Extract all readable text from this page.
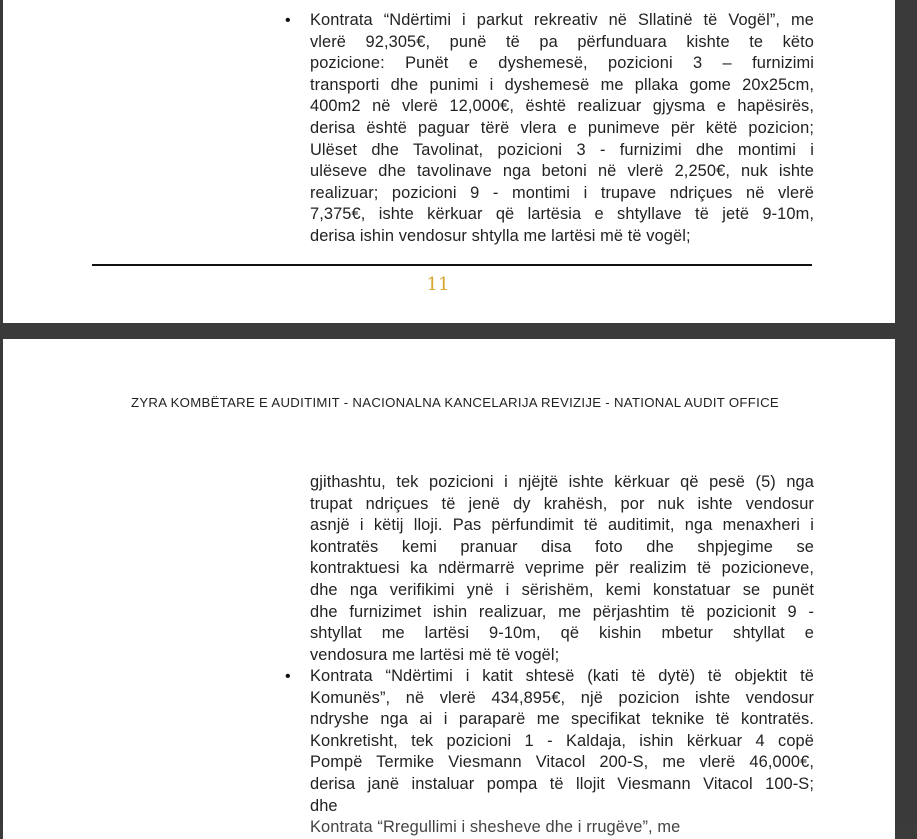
• Kontrata “Ndërtimi i parkut rekreativ në Sllatinë të Vogël”, me
vlerë 92,305€, punë të pa përfunduara kishte te këto
pozicione: Punët e dyshemesë, pozicioni 3 – furnizimi
transporti dhe punimi i dyshemesë me pllaka gome 20x25cm,
400m2 në vlerë 12,000€, është realizuar gjysma e hapësirës,
derisa është paguar tërë vlera e punimeve për këtë pozicion;
Ulëset dhe Tavolinat, pozicioni 3 - furnizimi dhe montimi i
ulëseve dhe tavolinave nga betoni në vlerë 2,250€, nuk ishte
realizuar; pozicioni 9 - montimi i trupave ndriçues në vlerë
7,375€, ishte kërkuar që lartësia e shtyllave të jetë 9-10m,
derisa ishin vendosur shtylla me lartësi më të vogël;
11
ZYRA KOMBËTARE E AUDITIMIT - NACIONALNA KANCELARIJA REVIZIJE - NATIONAL AUDIT OFFICE
gjithashtu, tek pozicioni i njëjtë ishte kërkuar që pesë (5) nga
trupat ndriçues të jenë dy krahësh, por nuk ishte vendosur
asnjë i këtij lloji. Pas përfundimit të auditimit, nga menaxheri i
kontratës kemi pranuar disa foto dhe shpjegime se
kontraktuesi ka ndërmarrë veprime për realizim të pozicioneve,
dhe nga verifikimi ynë i sërishëm, kemi konstatuar se punët
dhe furnizimet ishin realizuar, me përjashtim të pozicionit 9 -
shtyllat me lartësi 9-10m, që kishin mbetur shtyllat e
vendosura me lartësi më të vogël;
• Kontrata “Ndërtimi i katit shtesë (kati të dytë) të objektit të
Komunës”, në vlerë 434,895€, një pozicion ishte vendosur
ndryshe nga ai i paraparë me specifikat teknike të kontratës.
Konkretisht, tek pozicioni 1 - Kaldaja, ishin kërkuar 4 copë
Pompë Termike Viesmann Vitacol 200-S, me vlerë 46,000€,
derisa janë instaluar pompa të llojit Viesmann Vitacol 100-S;
dhe
Kontrata “Rregullimi i shesheve dhe i rrugëve”, me
